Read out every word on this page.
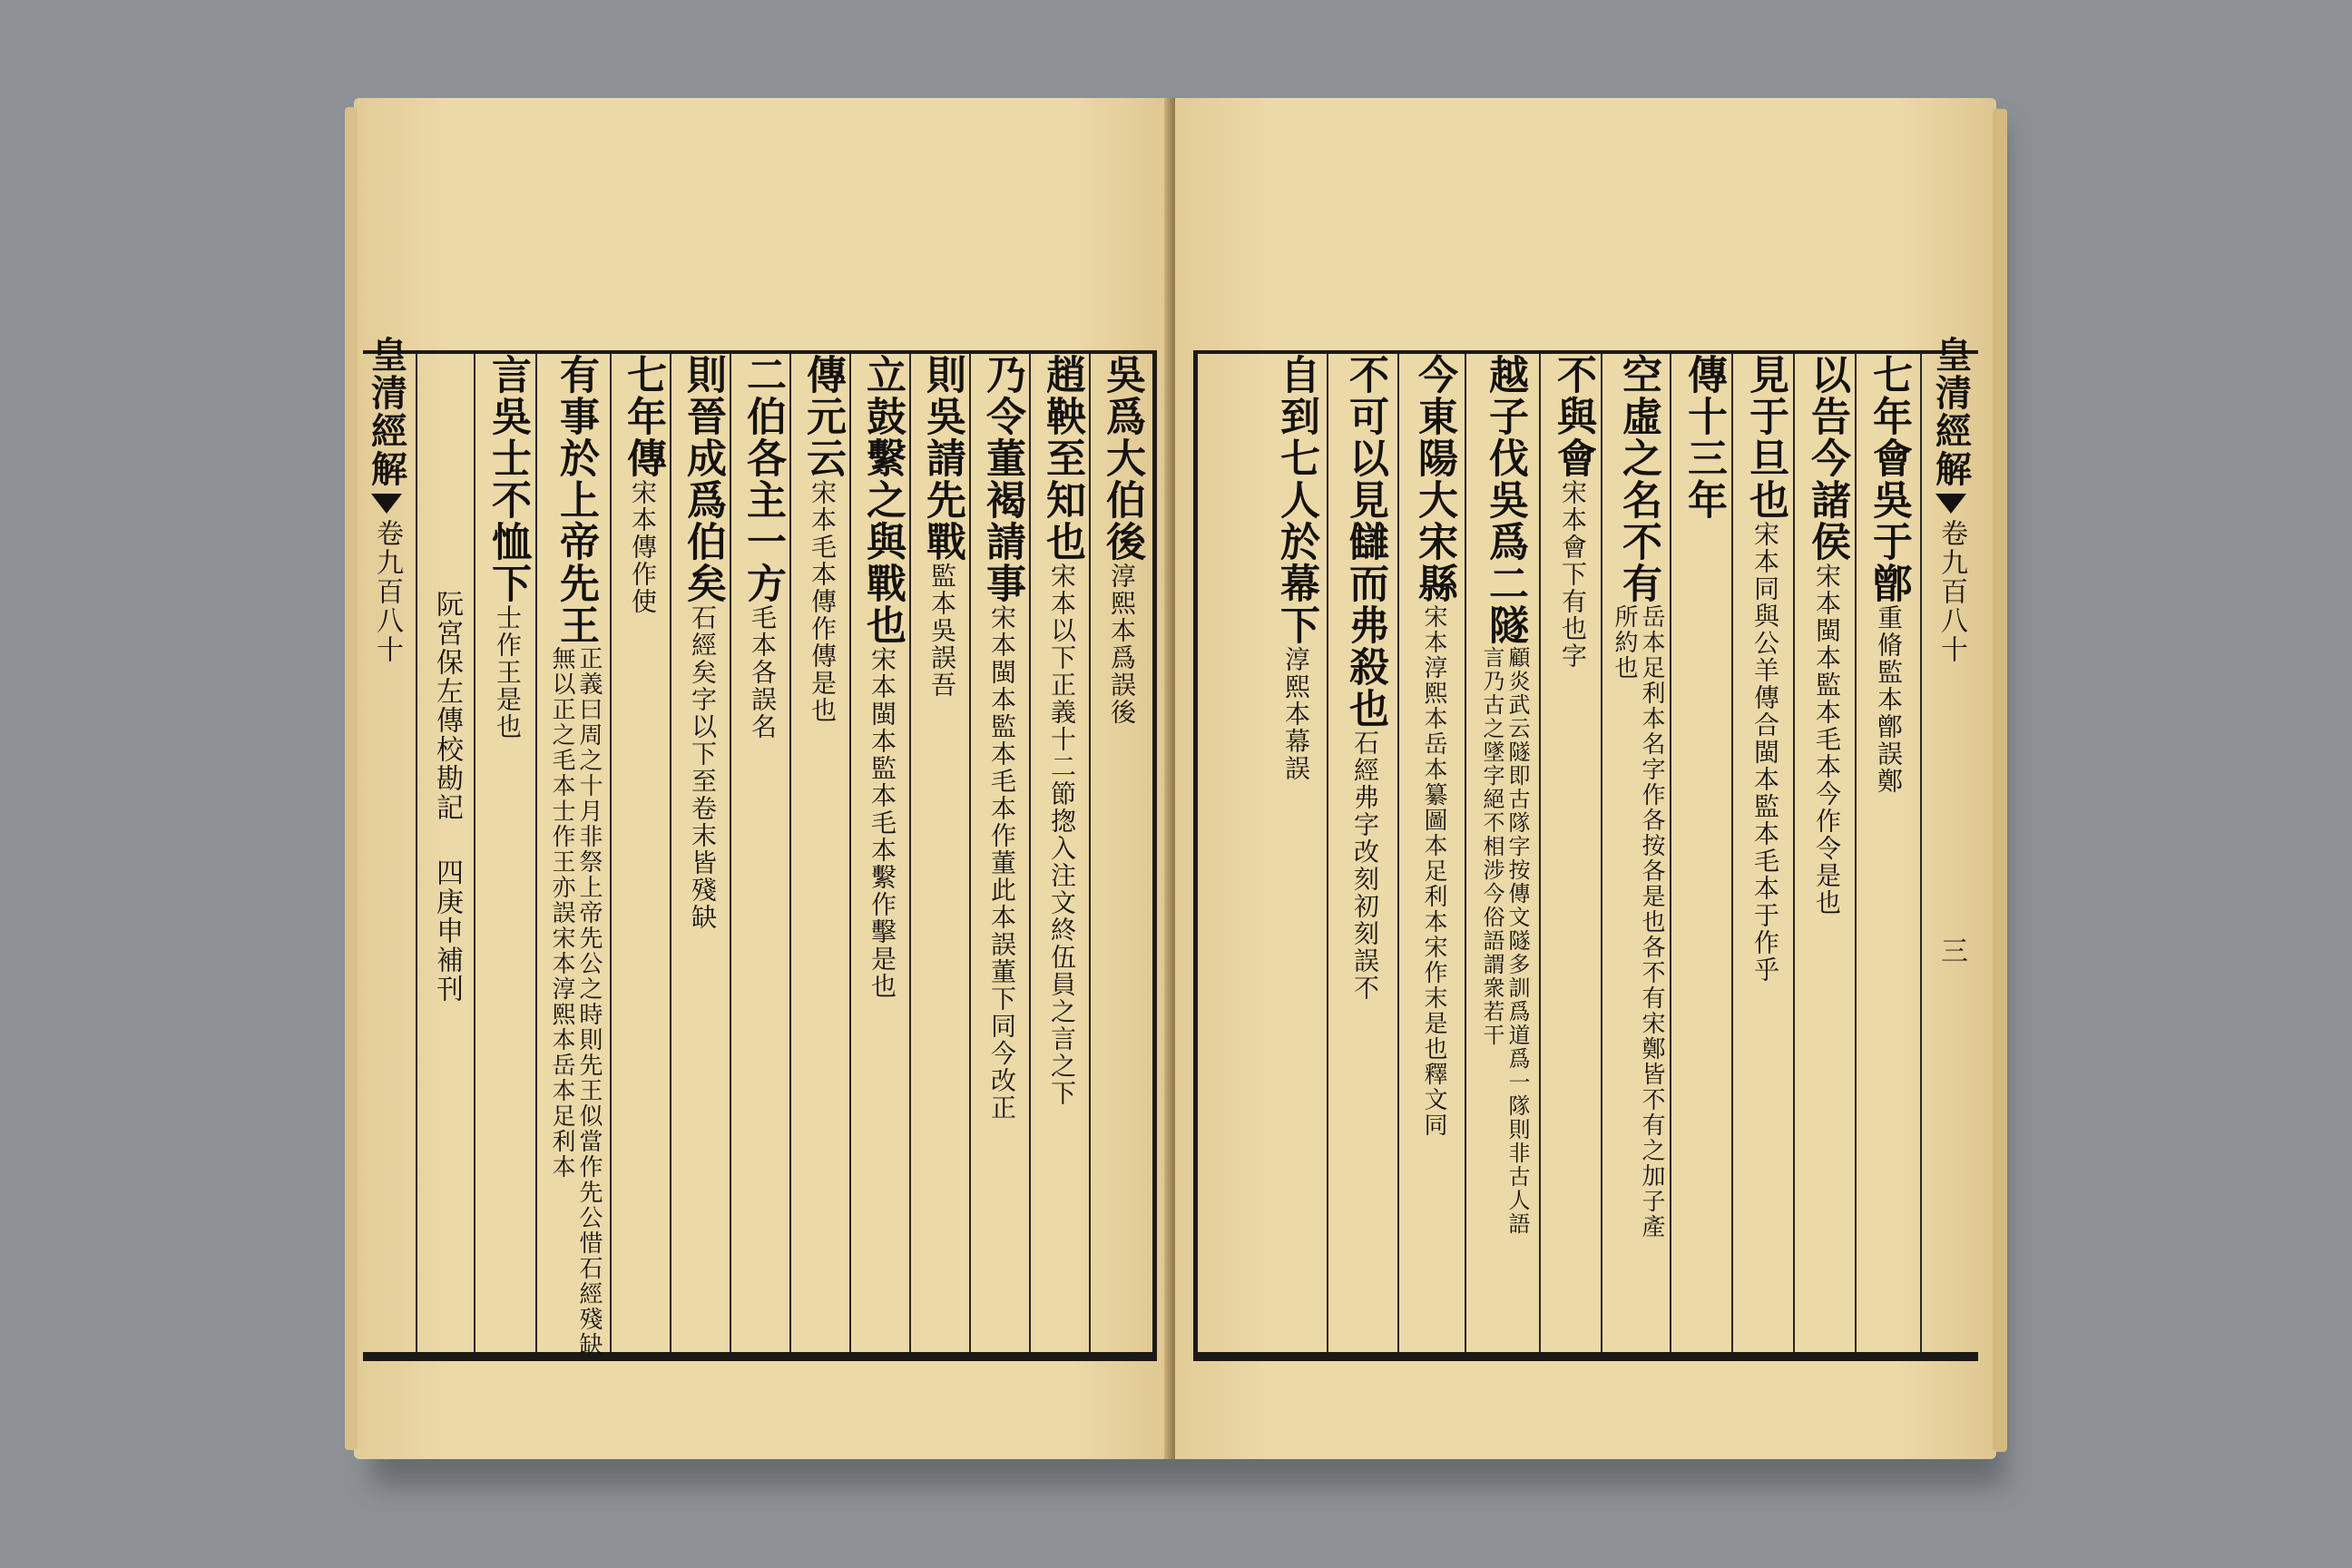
皇清經解
卷九百八十
吳爲大伯後
淳熙本爲誤後
趙鞅至知也
宋本以下正義十二節揔入注文終伍員之言之下
乃令董褐請事
宋本閩本監本毛本作董此本誤董下同今改正
則吳請先戰
監本吳誤吾
立鼓繫之與戰也
宋本閩本監本毛本繫作擊是也
傳元云
宋本毛本傳作傳是也
二伯各主一方
毛本各誤名
則晉成爲伯矣
石經矣字以下至卷末皆殘缺
七年傳
宋本傳作使
有事於上帝先王
正義曰周之十月非祭上帝先公之時則先王似當作先公惜石經殘缺無以正之毛本士作王亦誤宋本淳熙本岳本足利本
言吳士不恤下
士作王是也
阮宮保左傳校勘記
四
庚申補刊
皇清經解
卷九百八十
三
七年會吳于鄫
重脩監本鄫誤鄭
以告今諸侯
宋本閩本監本毛本今作令是也
見于旦也
宋本同與公羊傳合閩本監本毛本于作乎
傳十三年
空虛之名不有
岳本足利本名字作各按各是也各不有宋鄭皆不有之加子產所約也
不與會
宋本會下有也字
越子伐吳爲二隧
顧炎武云隧即古隊字按傳文隧多訓爲道爲一隊則非古人語言乃古之墜字絕不相涉今俗語謂衆若干
今東陽大宋縣
宋本淳熙本岳本纂圖本足利本宋作末是也釋文同
不可以見讎而弗殺也
石經弗字改刻初刻誤不
自到七人於幕下
淳熙本幕誤
